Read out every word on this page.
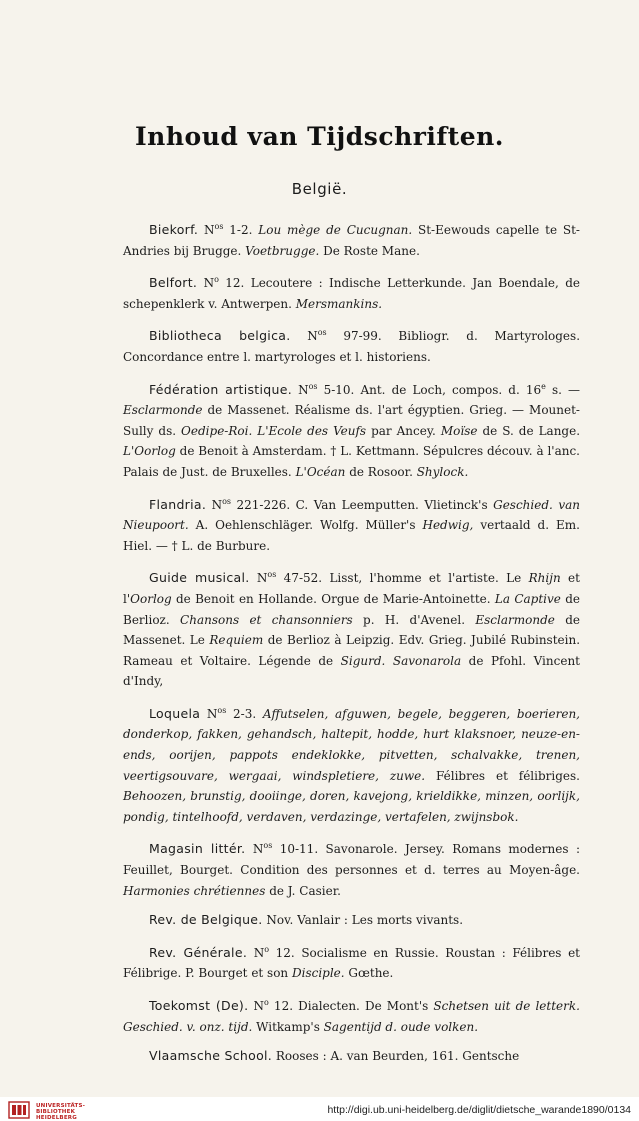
Inhoud van Tijdschriften.
België.

Biekorf. $N^{os}$ 1-2. Lou mège de Cucugnan. St-Eewouds capelle te St-Andries bij Brugge. Voetbrugge. De Roste Mane.

Belfort. $N^o$ 12. Lecoutere : Indische Letterkunde. Jan Boendale, de schepenklerk v. Antwerpen. Mersmankins.

Bibliotheca belgica. $N^{os}$ 97-99. Bibliogr. d. Martyrologes. Concordance entre l. martyrologes et l. historiens.

Fédération artistique. $N^{os}$ 5-10. Ant. de Loch, compos. d. 16e s. — Esclarmonde de Massenet. Réalisme ds. l'art égyptien. Grieg. — Mounet-Sully ds. Oedipe-Roi. L'Ecole des Veufs par Ancey. Moïse de S. de Lange. L'Oorlog de Benoit à Amsterdam. † L. Kettmann. Sépulcres découv. à l'anc. Palais de Just. de Bruxelles. L'Océan de Rosoor. Shylock.

Flandria. $N^{os}$ 221-226. C. Van Leemputten. Vlietinck's Geschied. van Nieupoort. A. Oehlenschläger. Wolfg. Müller's Hedwig, vertaald d. Em. Hiel. — † L. de Burbure.

Guide musical. $N^{os}$ 47-52. Lisst, l'homme et l'artiste. Le Rhijn et l'Oorlog de Benoit en Hollande. Orgue de Marie-Antoinette. La Captive de Berlioz. Chansons et chansonniers p. H. d'Avenel. Esclarmonde de Massenet. Le Requiem de Berlioz à Leipzig. Edv. Grieg. Jubilé Rubinstein. Rameau et Voltaire. Légende de Sigurd. Savonarola de Pfohl. Vincent d'Indy,

Loquela $N^{os}$ 2-3. Affutselen, afguwen, begele, beggeren, boerieren, donderkop, fakken, gehandsch, haltepit, hodde, hurt klaksnoer, neuze-en-ends, oorijen, pappots endeklokke, pitvetten, schalvakke, trenen, veertigsouvare, wergaai, windspletiere, zuwe. Félibres et félibriges. Behoozen, brunstig, dooiinge, doren, kavejong, krieldikke, minzen, oorlijk, pondig, tintelhoofd, verdaven, verdazinge, vertafelen, zwijnsbok.

Magasin littér. $N^{os}$ 10-11. Savonarole. Jersey. Romans modernes : Feuillet, Bourget. Condition des personnes et d. terres au Moyen-âge. Harmonies chrétiennes de J. Casier.

Rev. de Belgique. Nov. Vanlair : Les morts vivants.

Rev. Générale. $N^o$ 12. Socialisme en Russie. Roustan : Félibres et Félibrige. P. Bourget et son Disciple. Gœthe.

Toekomst (De). $N^o$ 12. Dialecten. De Mont's Schetsen uit de letterk. Geschied. v. onz. tijd. Witkamp's Sagentijd d. oude volken.

Vlaamsche School. Rooses : A. van Beurden, 161. Gentsche

UNIVERSITÄTS-
BIBLIOTHEK
HEIDELBERG
http://digi.ub.uni-heidelberg.de/diglit/dietsche_warande1890/0134
